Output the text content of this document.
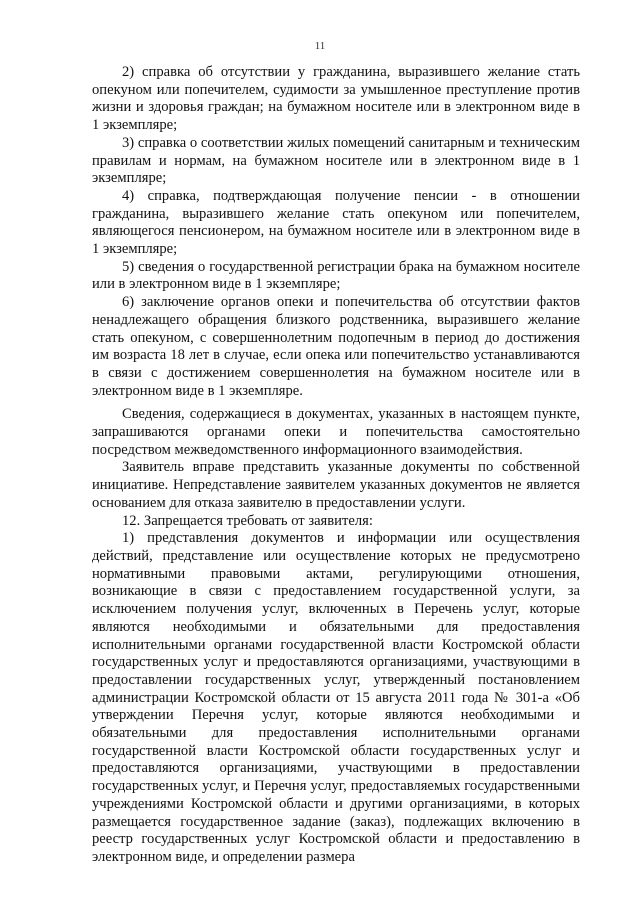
11

2) справка об отсутствии у гражданина, выразившего желание стать опекуном или попечителем, судимости за умышленное преступление против жизни и здоровья граждан; на бумажном носителе или в электронном виде в 1 экземпляре;

3) справка о соответствии жилых помещений санитарным и техническим правилам и нормам, на бумажном носителе или в электронном виде в 1 экземпляре;

4) справка, подтверждающая получение пенсии - в отношении гражданина, выразившего желание стать опекуном или попечителем, являющегося пенсионером, на бумажном носителе или в электронном виде в 1 экземпляре;

5) сведения о государственной регистрации брака на бумажном носителе или в электронном виде в 1 экземпляре;

6) заключение органов опеки и попечительства об отсутствии фактов ненадлежащего обращения близкого родственника, выразившего желание стать опекуном, с совершеннолетним подопечным в период до достижения им возраста 18 лет в случае, если опека или попечительство устанавливаются в связи с достижением совершеннолетия на бумажном носителе или в электронном виде в 1 экземпляре.

Сведения, содержащиеся в документах, указанных в настоящем пункте, запрашиваются органами опеки и попечительства самостоятельно посредством межведомственного информационного взаимодействия.

Заявитель вправе представить указанные документы по собственной инициативе. Непредставление заявителем указанных документов не является основанием для отказа заявителю в предоставлении услуги.

12. Запрещается требовать от заявителя:

1) представления документов и информации или осуществления действий, представление или осуществление которых не предусмотрено нормативными правовыми актами, регулирующими отношения, возникающие в связи с предоставлением государственной услуги, за исключением получения услуг, включенных в Перечень услуг, которые являются необходимыми и обязательными для предоставления исполнительными органами государственной власти Костромской области государственных услуг и предоставляются организациями, участвующими в предоставлении государственных услуг, утвержденный постановлением администрации Костромской области от 15 августа 2011 года № 301-а «Об утверждении Перечня услуг, которые являются необходимыми и обязательными для предоставления исполнительными органами государственной власти Костромской области государственных услуг и предоставляются организациями, участвующими в предоставлении государственных услуг, и Перечня услуг, предоставляемых государственными учреждениями Костромской области и другими организациями, в которых размещается государственное задание (заказ), подлежащих включению в реестр государственных услуг Костромской области и предоставлению в электронном виде, и определении размера
